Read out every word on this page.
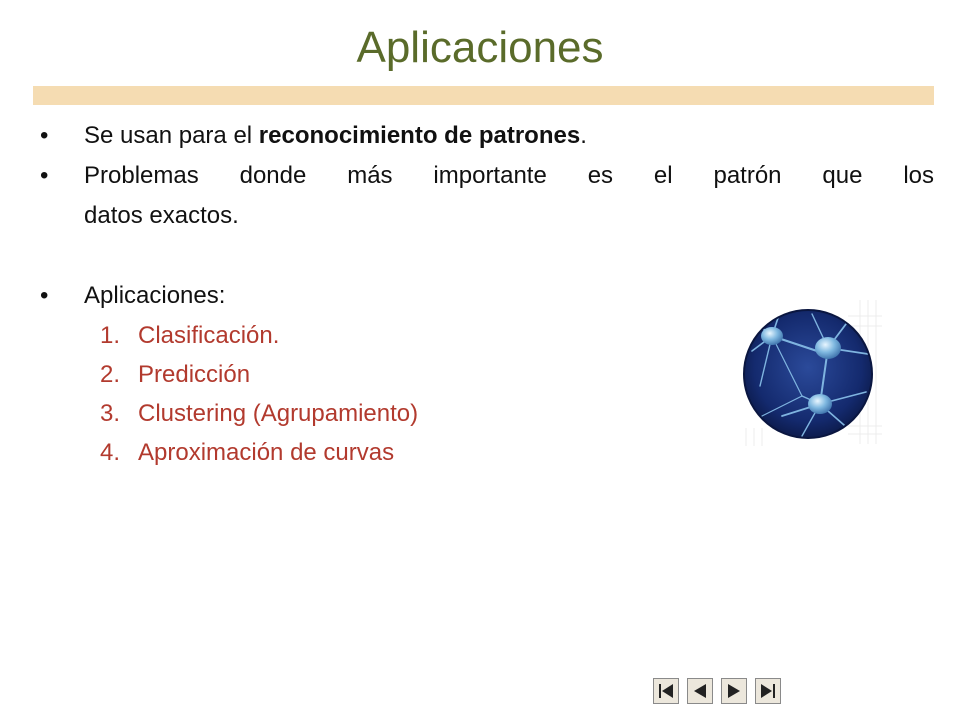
Aplicaciones
• Se usan para el reconocimiento de patrones.
• Problemas donde más importante es el patrón que los
datos exactos.
• Aplicaciones:
1. Clasificación.
2. Predicción
3. Clustering (Agrupamiento)
4. Aproximación de curvas
